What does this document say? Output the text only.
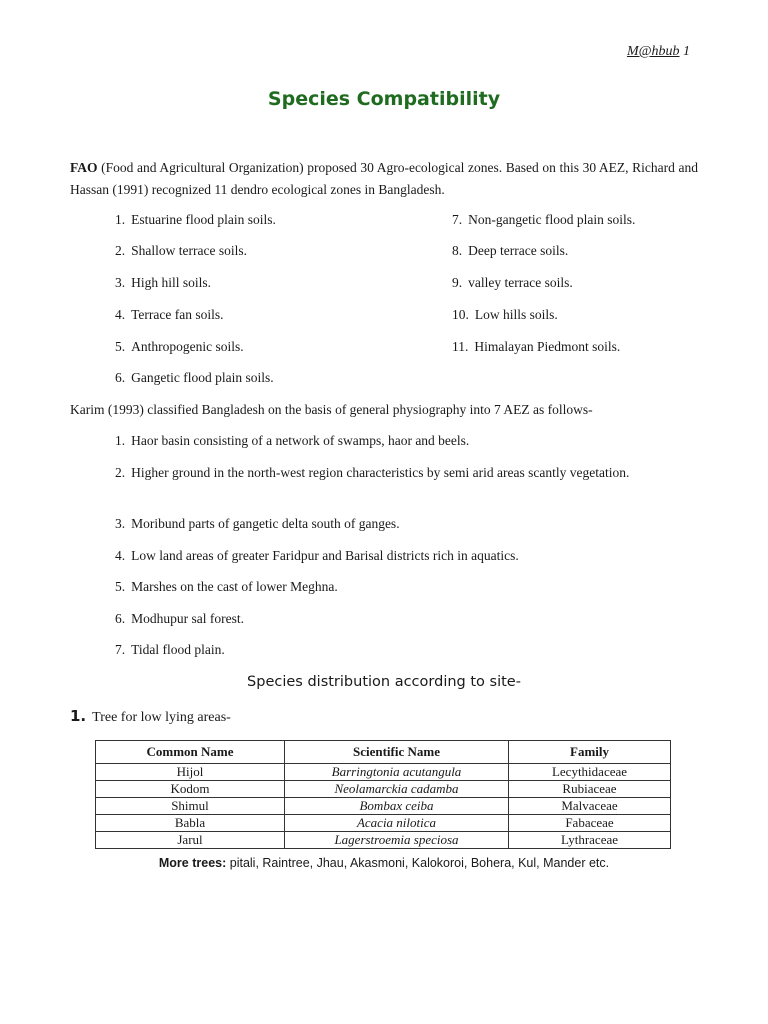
M@hbub 1
Species Compatibility
FAO (Food and Agricultural Organization) proposed 30 Agro-ecological zones. Based on this 30 AEZ, Richard and Hassan (1991) recognized 11 dendro ecological zones in Bangladesh.
1. Estuarine flood plain soils.
2. Shallow terrace soils.
3. High hill soils.
4. Terrace fan soils.
5. Anthropogenic soils.
6. Gangetic flood plain soils.
7. Non-gangetic flood plain soils.
8. Deep terrace soils.
9. valley terrace soils.
10. Low hills soils.
11. Himalayan Piedmont soils.
Karim (1993) classified Bangladesh on the basis of general physiography into 7 AEZ as follows-
1. Haor basin consisting of a network of swamps, haor and beels.
2. Higher ground in the north-west region characteristics by semi arid areas scantly vegetation.
3. Moribund parts of gangetic delta south of ganges.
4. Low land areas of greater Faridpur and Barisal districts rich in aquatics.
5. Marshes on the cast of lower Meghna.
6. Modhupur sal forest.
7. Tidal flood plain.
Species distribution according to site-
1. Tree for low lying areas-
Common Name	Scientific Name	Family
Hijol	Barringtonia acutangula	Lecythidaceae
Kodom	Neolamarckia cadamba	Rubiaceae
Shimul	Bombax ceiba	Malvaceae
Babla	Acacia nilotica	Fabaceae
Jarul	Lagerstroemia speciosa	Lythraceae
More trees: pitali, Raintree, Jhau, Akasmoni, Kalokoroi, Bohera, Kul, Mander etc.
